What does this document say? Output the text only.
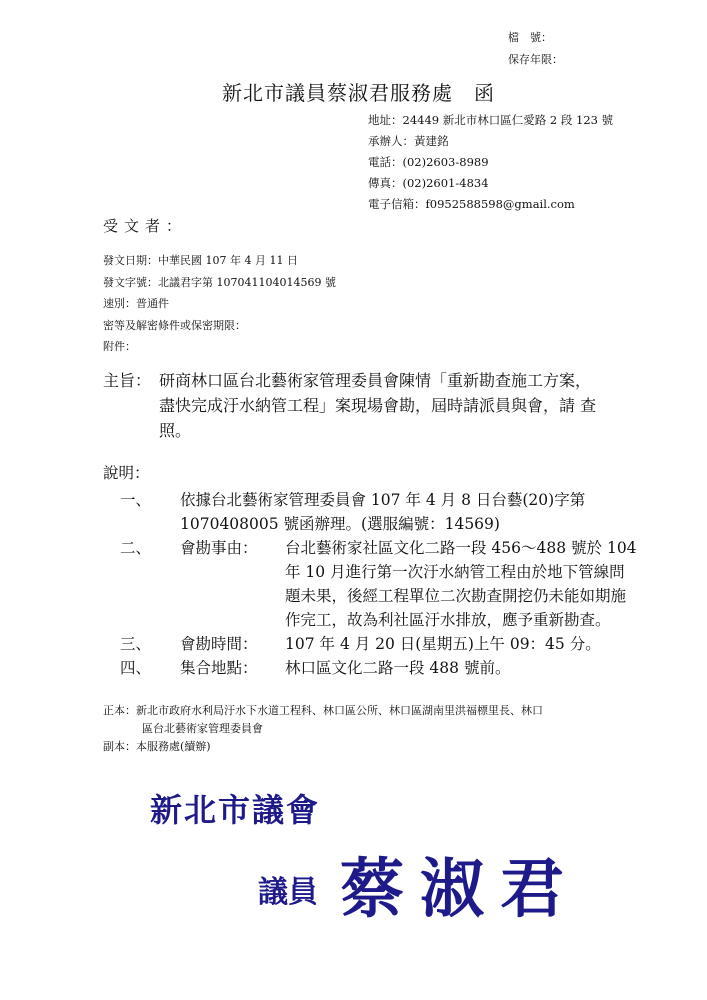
檔　號：
保存年限：
新北市議員蔡淑君服務處　函

地址：24449 新北市林口區仁愛路 2 段 123 號

承辦人：黃建銘

電話：(02)2603-8989

傳真：(02)2601-4834

電子信箱：f0952588598@gmail.com

受文者：

發文日期：中華民國 107 年 4 月 11 日

發文字號：北議君字第 107041104014569 號

速別：普通件

密等及解密條件或保密期限：

附件：

主旨： 研商林口區台北藝術家管理委員會陳情「重新勘查施工方案，
盡快完成汙水納管工程」案現場會勘，屆時請派員與會，請 查
照。
說明：
一、	依據台北藝術家管理委員會 107 年 4 月 8 日台藝(20)字第
1070408005 號函辦理。(選服編號：14569)
二、	會勘事由：	台北藝術家社區文化二路一段 456～488 號於 104
年 10 月進行第一次汙水納管工程由於地下管線問
題未果，後經工程單位二次勘查開挖仍未能如期施
作完工，故為利社區汙水排放，應予重新勘查。
三、	會勘時間：	107 年 4 月 20 日(星期五)上午 09：45 分。
四、	集合地點：	林口區文化二路一段 488 號前。

正本：新北市政府水利局汙水下水道工程科、林口區公所、林口區湖南里洪福標里長、林口

區台北藝術家管理委員會

副本：本服務處(續辦)

新北市議會
議員 蔡淑君
